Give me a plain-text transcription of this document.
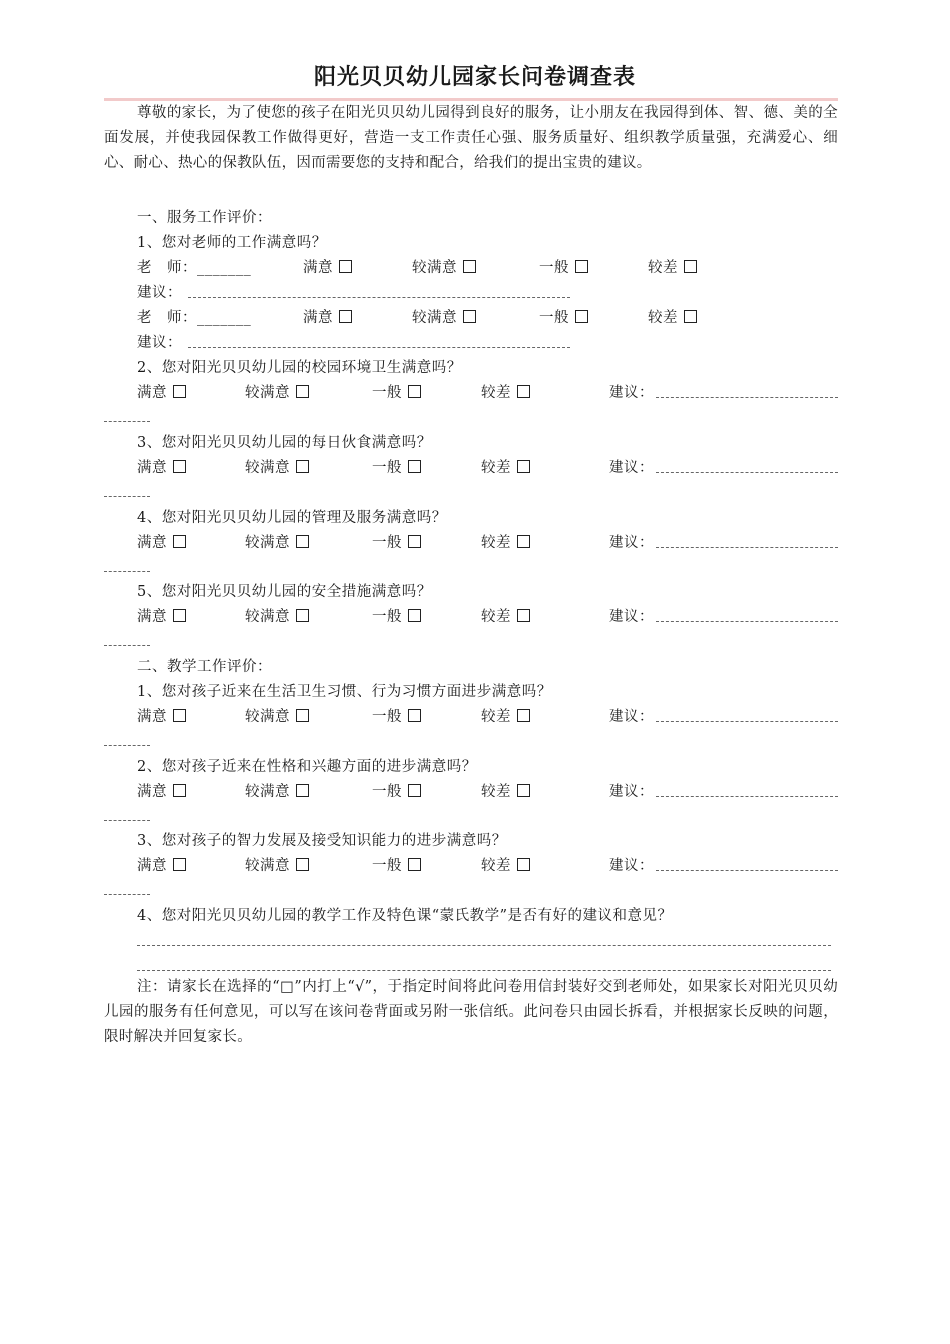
阳光贝贝幼儿园家长问卷调查表
尊敬的家长，为了使您的孩子在阳光贝贝幼儿园得到良好的服务，让小朋友在我园得到体、智、德、美的全面发展，并使我园保教工作做得更好，营造一支工作责任心强、服务质量好、组织教学质量强，充满爱心、细心、耐心、热心的保教队伍，因而需要您的支持和配合，给我们的提出宝贵的建议。
一、服务工作评价：
1、您对老师的工作满意吗？
老　师：_______	满意	较满意	一般	较差
建议：
老　师：_______	满意	较满意	一般	较差
建议：
2、您对阳光贝贝幼儿园的校园环境卫生满意吗？
满意	较满意	一般	较差	建议：
3、您对阳光贝贝幼儿园的每日伙食满意吗？
满意	较满意	一般	较差	建议：
4、您对阳光贝贝幼儿园的管理及服务满意吗？
满意	较满意	一般	较差	建议：
5、您对阳光贝贝幼儿园的安全措施满意吗？
满意	较满意	一般	较差	建议：
二、教学工作评价：
1、您对孩子近来在生活卫生习惯、行为习惯方面进步满意吗？
满意	较满意	一般	较差	建议：
2、您对孩子近来在性格和兴趣方面的进步满意吗？
满意	较满意	一般	较差	建议：
3、您对孩子的智力发展及接受知识能力的进步满意吗？
满意	较满意	一般	较差	建议：
4、您对阳光贝贝幼儿园的教学工作及特色课“蒙氏教学”是否有好的建议和意见？
注：请家长在选择的“□”内打上“√”，于指定时间将此问卷用信封装好交到老师处，如果家长对阳光贝贝幼儿园的服务有任何意见，可以写在该问卷背面或另附一张信纸。此问卷只由园长拆看，并根据家长反映的问题，限时解决并回复家长。
